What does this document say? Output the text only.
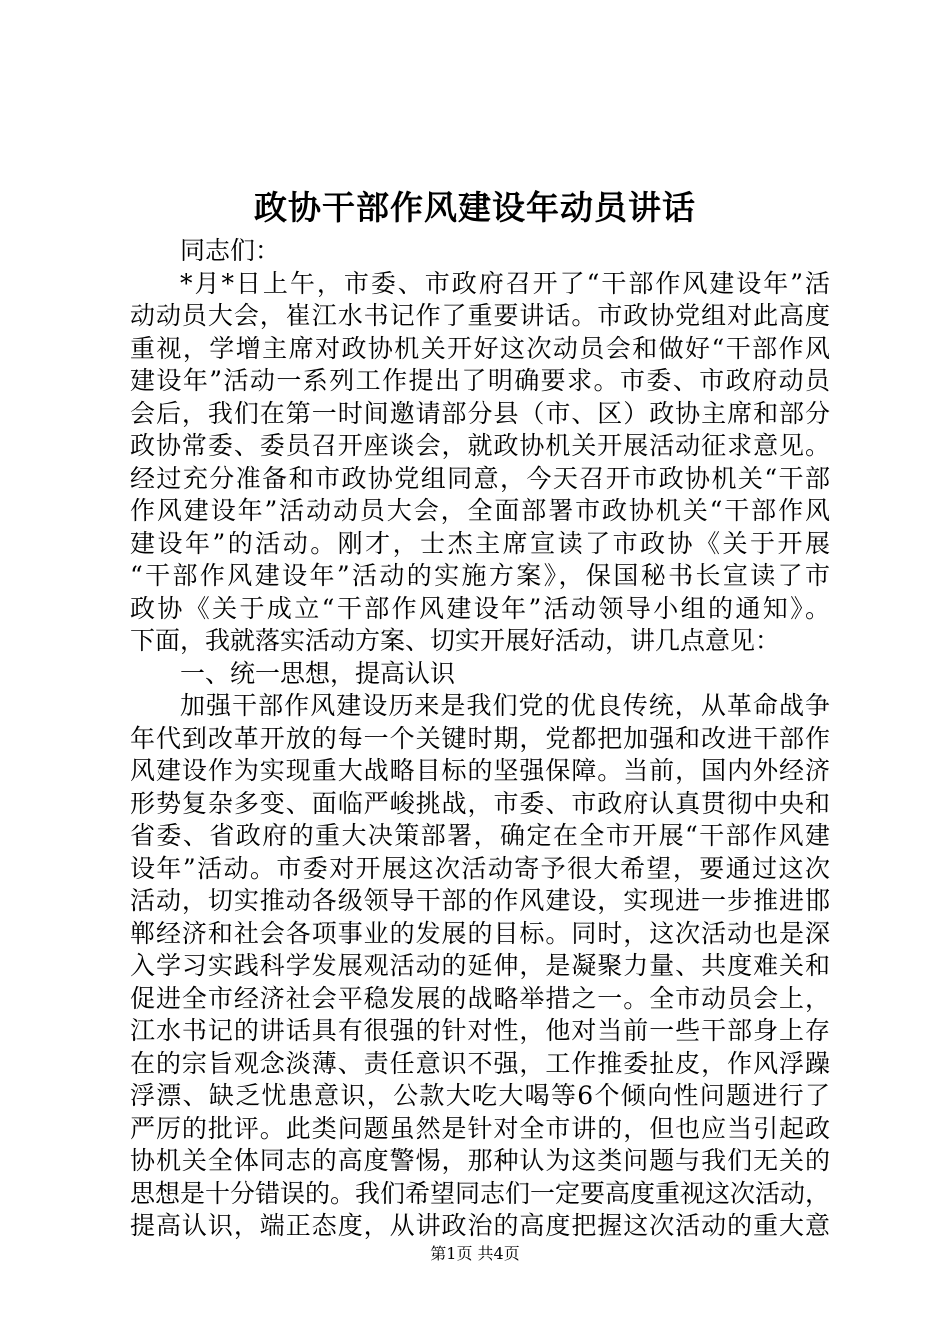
政协干部作风建设年动员讲话
同志们：
*月*日上午，市委、市政府召开了“干部作风建设年”活
动动员大会，崔江水书记作了重要讲话。市政协党组对此高度
重视，学增主席对政协机关开好这次动员会和做好“干部作风
建设年”活动一系列工作提出了明确要求。市委、市政府动员
会后，我们在第一时间邀请部分县（市、区）政协主席和部分
政协常委、委员召开座谈会，就政协机关开展活动征求意见。
经过充分准备和市政协党组同意，今天召开市政协机关“干部
作风建设年”活动动员大会，全面部署市政协机关“干部作风
建设年”的活动。刚才，士杰主席宣读了市政协《关于开展
“干部作风建设年”活动的实施方案》，保国秘书长宣读了市
政协《关于成立“干部作风建设年”活动领导小组的通知》。
下面，我就落实活动方案、切实开展好活动，讲几点意见：
一、统一思想，提高认识
加强干部作风建设历来是我们党的优良传统，从革命战争
年代到改革开放的每一个关键时期，党都把加强和改进干部作
风建设作为实现重大战略目标的坚强保障。当前，国内外经济
形势复杂多变、面临严峻挑战，市委、市政府认真贯彻中央和
省委、省政府的重大决策部署，确定在全市开展“干部作风建
设年”活动。市委对开展这次活动寄予很大希望，要通过这次
活动，切实推动各级领导干部的作风建设，实现进一步推进邯
郸经济和社会各项事业的发展的目标。同时，这次活动也是深
入学习实践科学发展观活动的延伸，是凝聚力量、共度难关和
促进全市经济社会平稳发展的战略举措之一。全市动员会上，
江水书记的讲话具有很强的针对性，他对当前一些干部身上存
在的宗旨观念淡薄、责任意识不强，工作推委扯皮，作风浮躁
浮漂、缺乏忧患意识，公款大吃大喝等6个倾向性问题进行了
严厉的批评。此类问题虽然是针对全市讲的，但也应当引起政
协机关全体同志的高度警惕，那种认为这类问题与我们无关的
思想是十分错误的。我们希望同志们一定要高度重视这次活动，
提高认识，端正态度，从讲政治的高度把握这次活动的重大意
第1页 共4页
